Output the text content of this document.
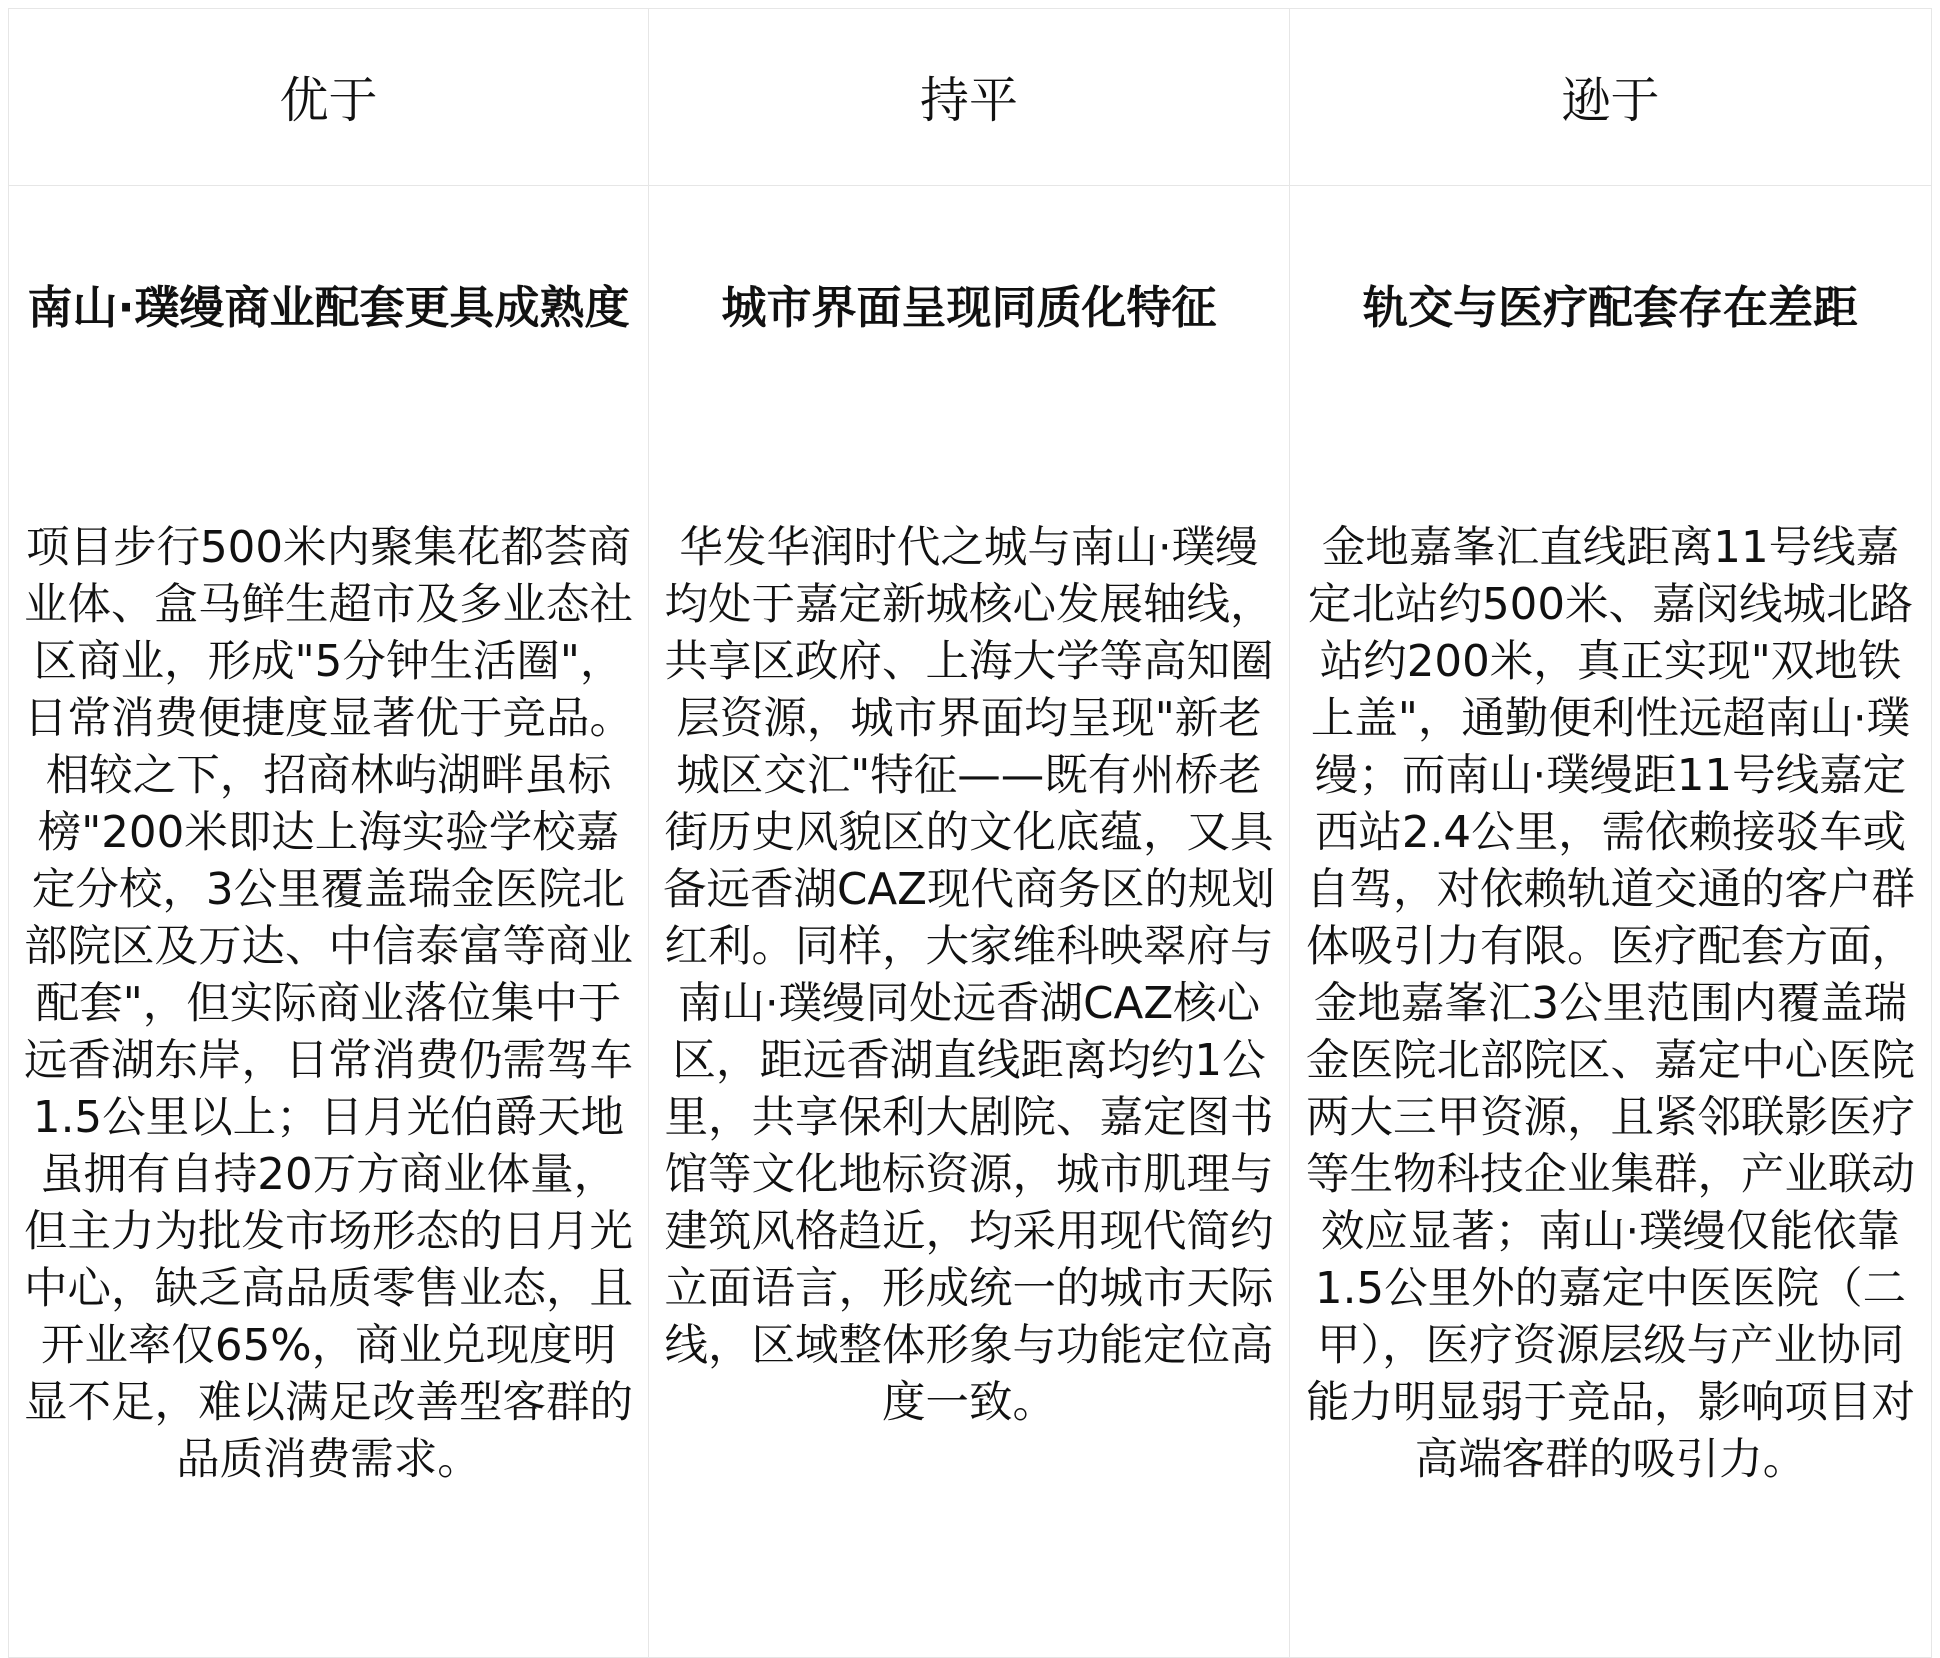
优于	持平	逊于
南山·璞缦商业配套更具成熟度
项目步行500米内聚集花都荟商业体、盒马鲜生超市及多业态社区商业，形成"5分钟生活圈"，日常消费便捷度显著优于竞品。相较之下，招商林屿湖畔虽标榜"200米即达上海实验学校嘉定分校，3公里覆盖瑞金医院北部院区及万达、中信泰富等商业配套"，但实际商业落位集中于远香湖东岸，日常消费仍需驾车1.5公里以上；日月光伯爵天地虽拥有自持20万方商业体量，但主力为批发市场形态的日月光中心，缺乏高品质零售业态，且开业率仅65%，商业兑现度明显不足，难以满足改善型客群的品质消费需求。
城市界面呈现同质化特征
华发华润时代之城与南山·璞缦均处于嘉定新城核心发展轴线，共享区政府、上海大学等高知圈层资源，城市界面均呈现"新老城区交汇"特征——既有州桥老街历史风貌区的文化底蕴，又具备远香湖CAZ现代商务区的规划红利。同样，大家维科映翠府与南山·璞缦同处远香湖CAZ核心区，距远香湖直线距离均约1公里，共享保利大剧院、嘉定图书馆等文化地标资源，城市肌理与建筑风格趋近，均采用现代简约立面语言，形成统一的城市天际线，区域整体形象与功能定位高度一致。
轨交与医疗配套存在差距
金地嘉峯汇直线距离11号线嘉定北站约500米、嘉闵线城北路站约200米，真正实现"双地铁上盖"，通勤便利性远超南山·璞缦；而南山·璞缦距11号线嘉定西站2.4公里，需依赖接驳车或自驾，对依赖轨道交通的客户群体吸引力有限。医疗配套方面，金地嘉峯汇3公里范围内覆盖瑞金医院北部院区、嘉定中心医院两大三甲资源，且紧邻联影医疗等生物科技企业集群，产业联动效应显著；南山·璞缦仅能依靠1.5公里外的嘉定中医医院（二甲），医疗资源层级与产业协同能力明显弱于竞品，影响项目对高端客群的吸引力。
